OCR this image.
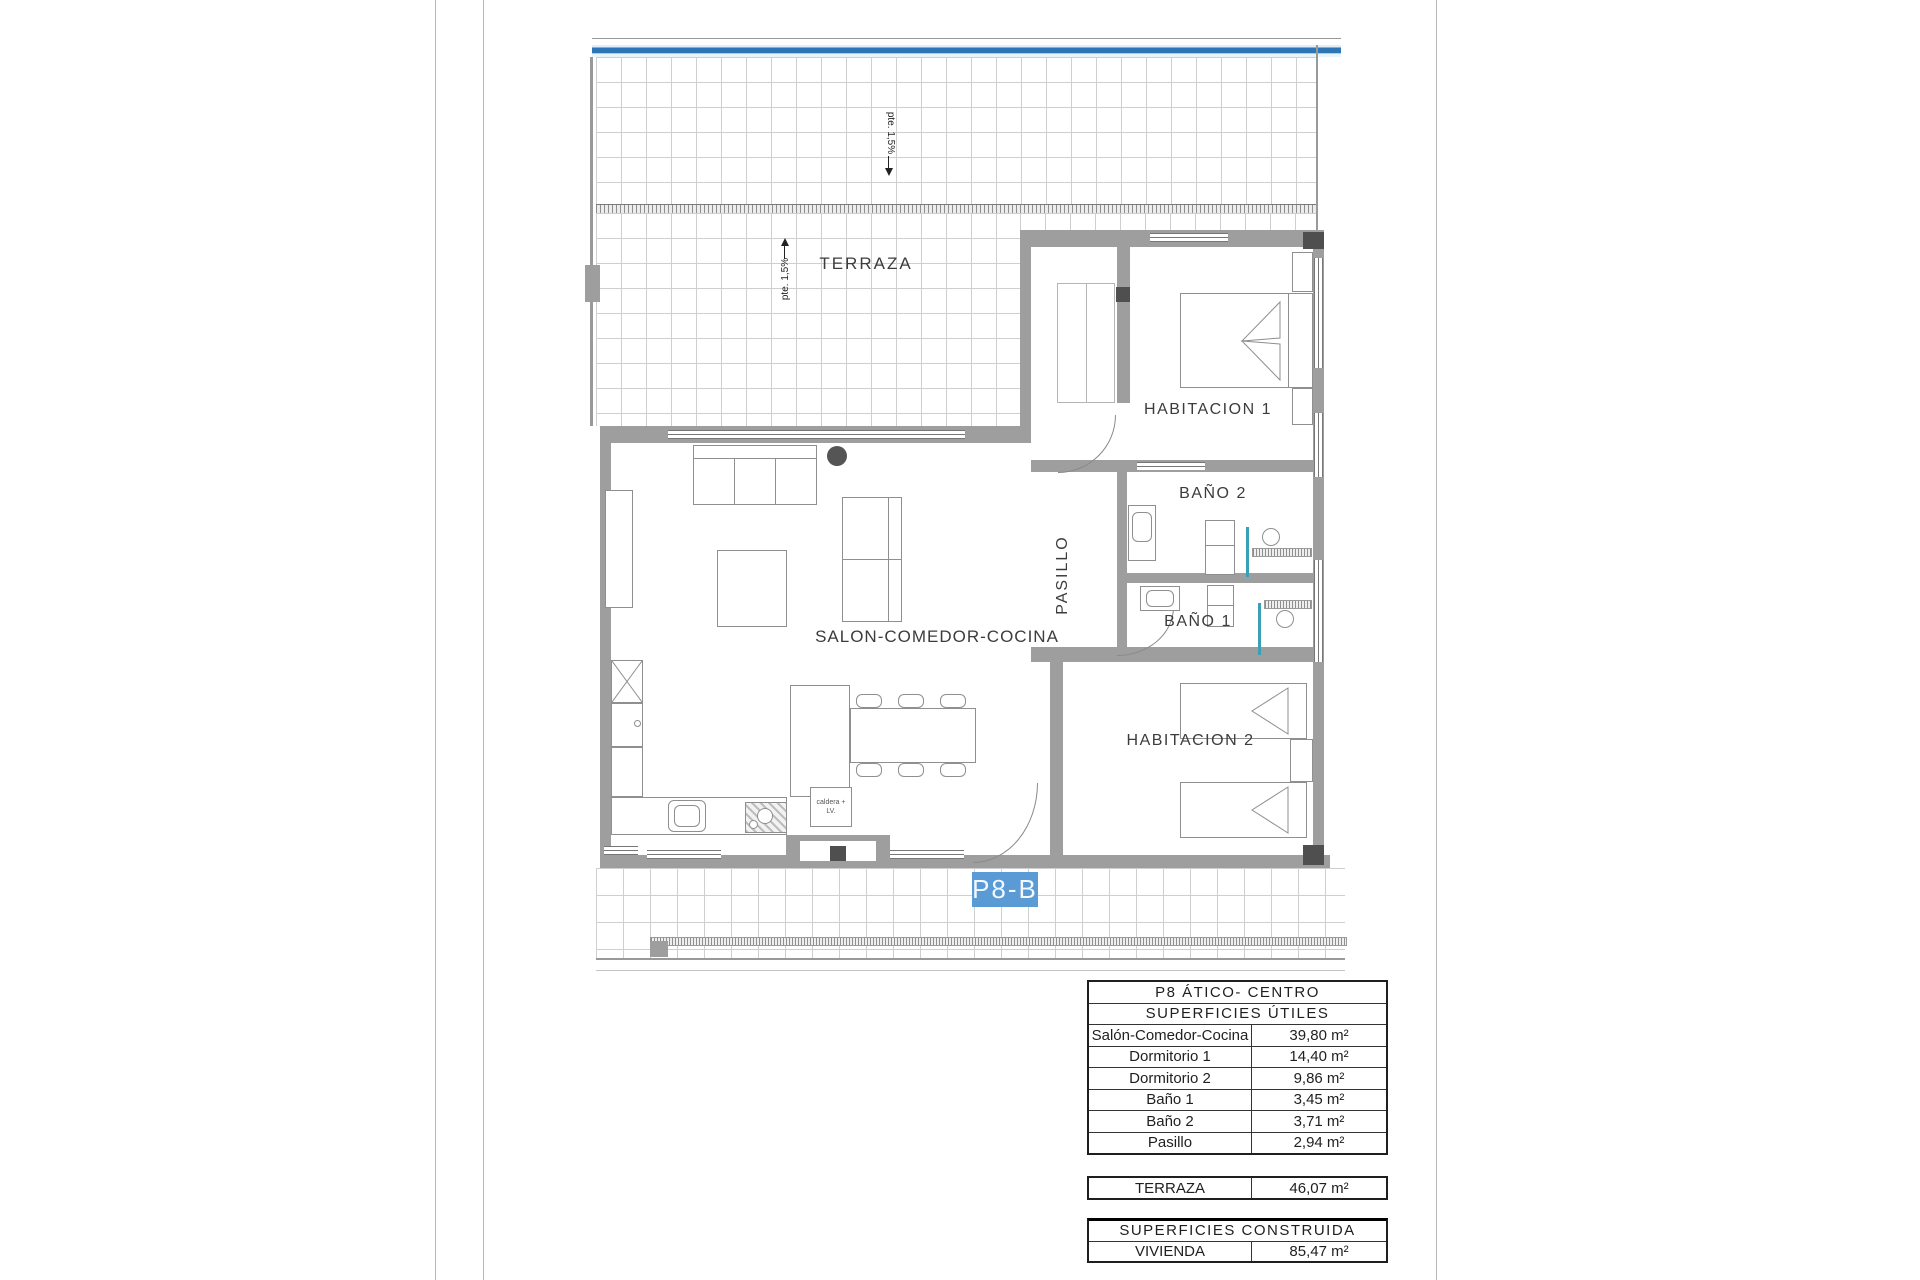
pte. 1,5%
pte. 1,5%	TERRAZA
caldera + LV.
SALON-COMEDOR-COCINA
PASILLO
HABITACION 1
BAÑO 2
BAÑO 1
HABITACION 2
P8-B
P8 ÁTICO- CENTRO
SUPERFICIES ÚTILES
Salón-Comedor-Cocina	39,80 m²
Dormitorio 1	14,40 m²
Dormitorio 2	9,86 m²
Baño 1	3,45 m²
Baño 2	3,71 m²
Pasillo	2,94 m²
TERRAZA	46,07 m²
SUPERFICIES CONSTRUIDA
VIVIENDA	85,47 m²
